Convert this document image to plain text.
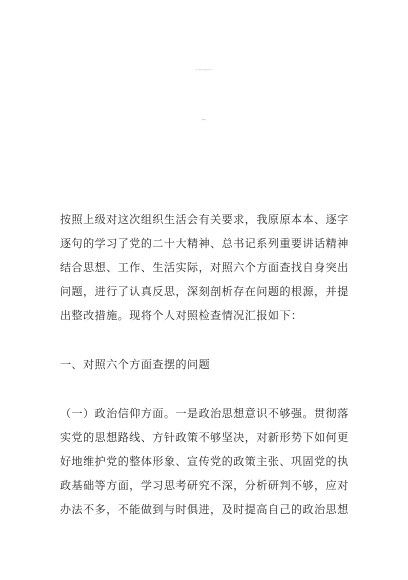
按照上级对这次组织生活会有关要求，我原原本本、逐字
逐句的学习了党的二十大精神、总书记系列重要讲话精神
结合思想、工作、生活实际，对照六个方面查找自身突出
问题，进行了认真反思，深刻剖析存在问题的根源，并提
出整改措施。现将个人对照检查情况汇报如下：
一、对照六个方面查摆的问题
（一）政治信仰方面。一是政治思想意识不够强。贯彻落
实党的思想路线、方针政策不够坚决，对新形势下如何更
好地维护党的整体形象、宣传党的政策主张、巩固党的执
政基础等方面，学习思考研究不深，分析研判不够，应对
办法不多，不能做到与时俱进，及时提高自己的政治思想
